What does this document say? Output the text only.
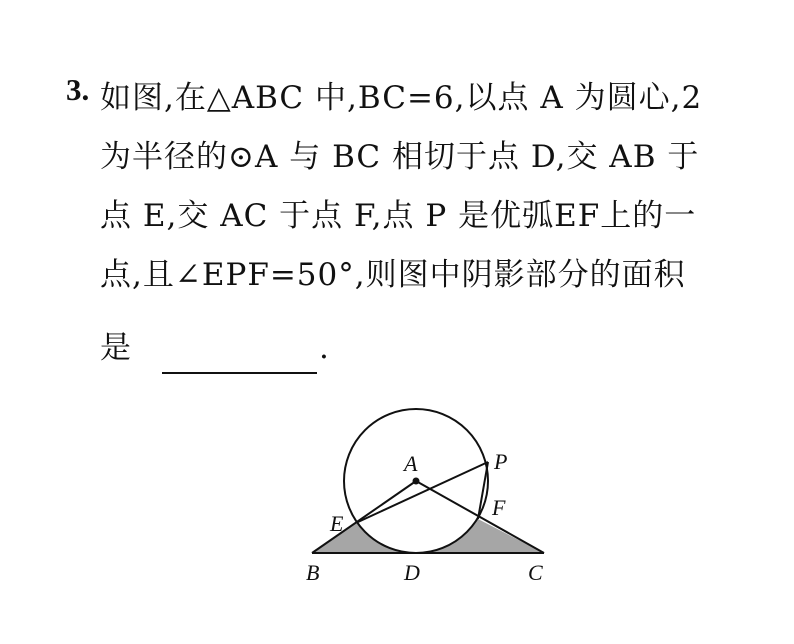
3. 如图,在△ABC 中,BC=6,以点 A 为圆心,2
为半径的⊙A 与 BC 相切于点 D,交 AB 于
点 E,交 AC 于点 F,点 P 是优弧EF上的一
点,且∠EPF=50°,则图中阴影部分的面积
是	.
A	P
F
E
B	D	C
